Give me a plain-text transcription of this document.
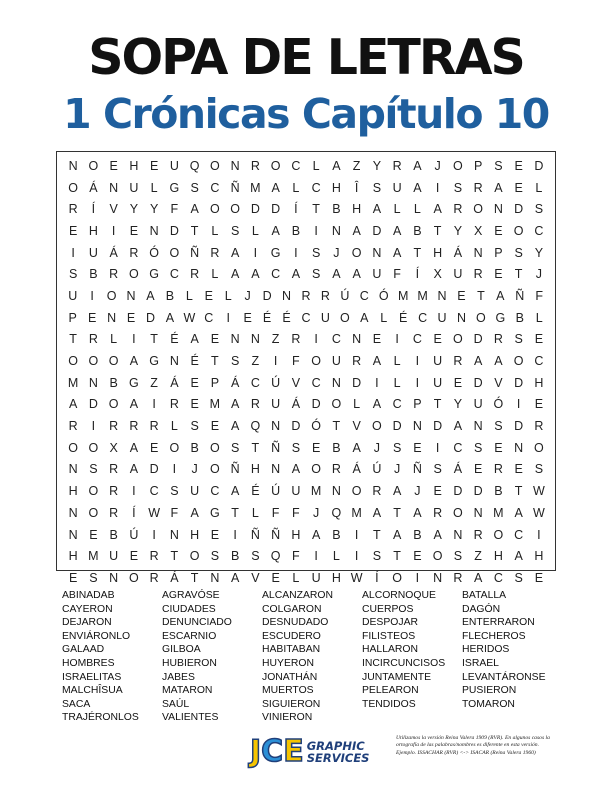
SOPA DE LETRAS
1 Crónicas Capítulo 10
N O E H E U Q O N R O C L	A Z Y R A	J O P S E D
O Á N U L G S C Ñ M A	L C H	Î	S U A	I	S R A E	L
R	Í	V Y Y F A O O D D	Í	T B H A	L	L	A R O N D S
E H	I	E N D T	L	S	L	A B	I	N A D A B T Y X E O C
I	U Á R Ó O Ñ R A	I	G	I	S	J O N A T H Á N P S Y
S B R O G C R L	A A C A S A A U F	Í	X U R E T	J
U	I	O N A B L E L	J D N R R Ú C Ó M M N E T A Ñ F
P E N E D A W C	I	E É É C U O A L É C U N O G B L
T R L	I	T É A E N N Z R	I	C N E	I	C E O D R S E
O O O A G N É T S Z	I	F O U R A	L	I	U R A A O C
M N B G Z Á E P Á C Ú V C N D	I	L	I	U E D V D H
A D O A	I	R E M A R U Á D O L	A C P T Y U Ó	I	E
R	I	R R R L	S E A Q N D Ó T V O D N D A N S D R
O O X A E O B O S T Ñ S E B A	J	S E	I	C S E N O
N S R A D	I	J O Ñ H N A O R Á Ú	J	Ñ S Á E R E S
H O R	I	C S U C A É Ú U M N O R A	J	E D D B T W
N O R	Í	W F A G T	L	F	F	J Q M A T A R O N M A W
N E B Ú	I	N H E	I	Ñ Ñ H A B	I	T A B A N R O C	I
H M U E R T O S B S Q F	I	L	I	S T E O S Z H A H
E S N O R Á T N A V E	L U H W	Í	O	I	N R A C S E
ABINADAB
CAYERON
DEJARON
ENVIÁRONLO
GALAAD
HOMBRES
ISRAELITAS
MALCHÎSUA
SACA
TRAJÉRONLOS
AGRAVÓSE
CIUDADES
DENUNCIADO
ESCARNIO
GILBOA
HUBIERON
JABES
MATARON
SAÚL
VALIENTES
ALCANZARON
COLGARON
DESNUDADO
ESCUDERO
HABITABAN
HUYERON
JONATHÁN
MUERTOS
SIGUIERON
VINIERON
ALCORNOQUE
CUERPOS
DESPOJAR
FILISTEOS
HALLARON
INCIRCUNCISOS
JUNTAMENTE
PELEARON
TENDIDOS
BATALLA
DAGÓN
ENTERRARON
FLECHEROS
HERIDOS
ISRAEL
LEVANTÁRONSE
PUSIERON
TOMARON
J C E GRAPHIC
SERVICES
Utilizamos la versión Reina Valera 1909 (RVR). En algunos casos la ortografía de las palabras/nombres es diferente en esta versión. Ejemplo. ISSACHAR (RVR) <-> ISACAR (Reina Valera 1960)
